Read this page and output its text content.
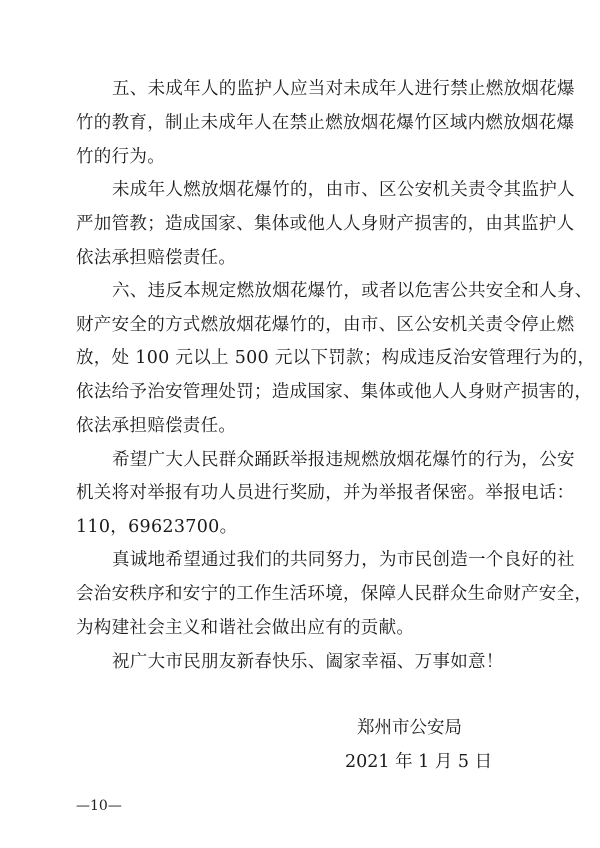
五、未成年人的监护人应当对未成年人进行禁止燃放烟花爆
竹的教育，制止未成年人在禁止燃放烟花爆竹区域内燃放烟花爆
竹的行为。
未成年人燃放烟花爆竹的，由市、区公安机关责令其监护人
严加管教；造成国家、集体或他人人身财产损害的，由其监护人
依法承担赔偿责任。
六、违反本规定燃放烟花爆竹，或者以危害公共安全和人身、
财产安全的方式燃放烟花爆竹的，由市、区公安机关责令停止燃
放，处 100 元以上 500 元以下罚款；构成违反治安管理行为的，
依法给予治安管理处罚；造成国家、集体或他人人身财产损害的，
依法承担赔偿责任。
希望广大人民群众踊跃举报违规燃放烟花爆竹的行为，公安
机关将对举报有功人员进行奖励，并为举报者保密。举报电话：
110，69623700。
真诚地希望通过我们的共同努力，为市民创造一个良好的社
会治安秩序和安宁的工作生活环境，保障人民群众生命财产安全，
为构建社会主义和谐社会做出应有的贡献。
祝广大市民朋友新春快乐、阖家幸福、万事如意！
郑州市公安局
2021 年 1 月 5 日
—10—
